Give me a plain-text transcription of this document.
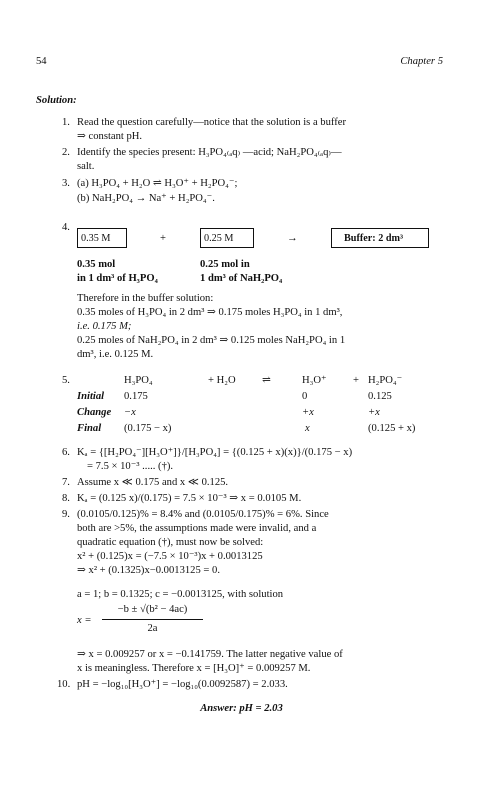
54	Chapter 5
Solution:
1. Read the question carefully—notice that the solution is a buffer
⇒ constant pH.
2. Identify the species present: H₃PO₄₍ₐq₎ —acid; NaH₂PO₄₍ₐq₎—
salt.
3. (a) H₃PO₄ + H₂O ⇌ H₃O⁺ + H₂PO₄⁻;
(b) NaH₂PO₄ → Na⁺ + H₂PO₄⁻.
4.
0.35 M	+	0.25 M	→	Buffer: 2 dm³
0.35 mol
in 1 dm³ of H₃PO₄
0.25 mol in
1 dm³ of NaH₂PO₄
Therefore in the buffer solution:
0.35 moles of H₃PO₄ in 2 dm³ ⇒ 0.175 moles H₃PO₄ in 1 dm³,
i.e. 0.175 M;
0.25 moles of NaH₂PO₄ in 2 dm³ ⇒ 0.125 moles NaH₂PO₄ in 1
dm³, i.e. 0.125 M.
5.	H₃PO₄	+ H₂O ⇌	H₃O⁺ + H₂PO₄⁻
Initial 0.175	0	0.125
Change −x	+x	+x
Final (0.175 − x)	x	(0.125 + x)
6. Kₐ = {[H₂PO₄⁻][H₃O⁺]}/[H₃PO₄] = {(0.125 + x)(x)}/(0.175 − x)
= 7.5 × 10⁻³ ..... (†).
7. Assume x ≪ 0.175 and x ≪ 0.125.
8. Kₐ = (0.125 x)/(0.175) = 7.5 × 10⁻³ ⇒ x = 0.0105 M.
9. (0.0105/0.125)% = 8.4% and (0.0105/0.175)% = 6%. Since
both are >5%, the assumptions made were invalid, and a
quadratic equation (†), must now be solved:
x² + (0.125)x = (−7.5 × 10⁻³)x + 0.0013125
⇒ x² + (0.1325)x−0.0013125 = 0.
a = 1; b = 0.1325; c = −0.0013125, with solution
x =
−b ± √(b² − 4ac)
2a
⇒ x = 0.009257 or x = −0.141759. The latter negative value of
x is meaningless. Therefore x = [H₃O]⁺ = 0.009257 M.
10. pH = −log₁₀[H₃O⁺] = −log₁₀(0.0092587) = 2.033.
Answer: pH = 2.03
